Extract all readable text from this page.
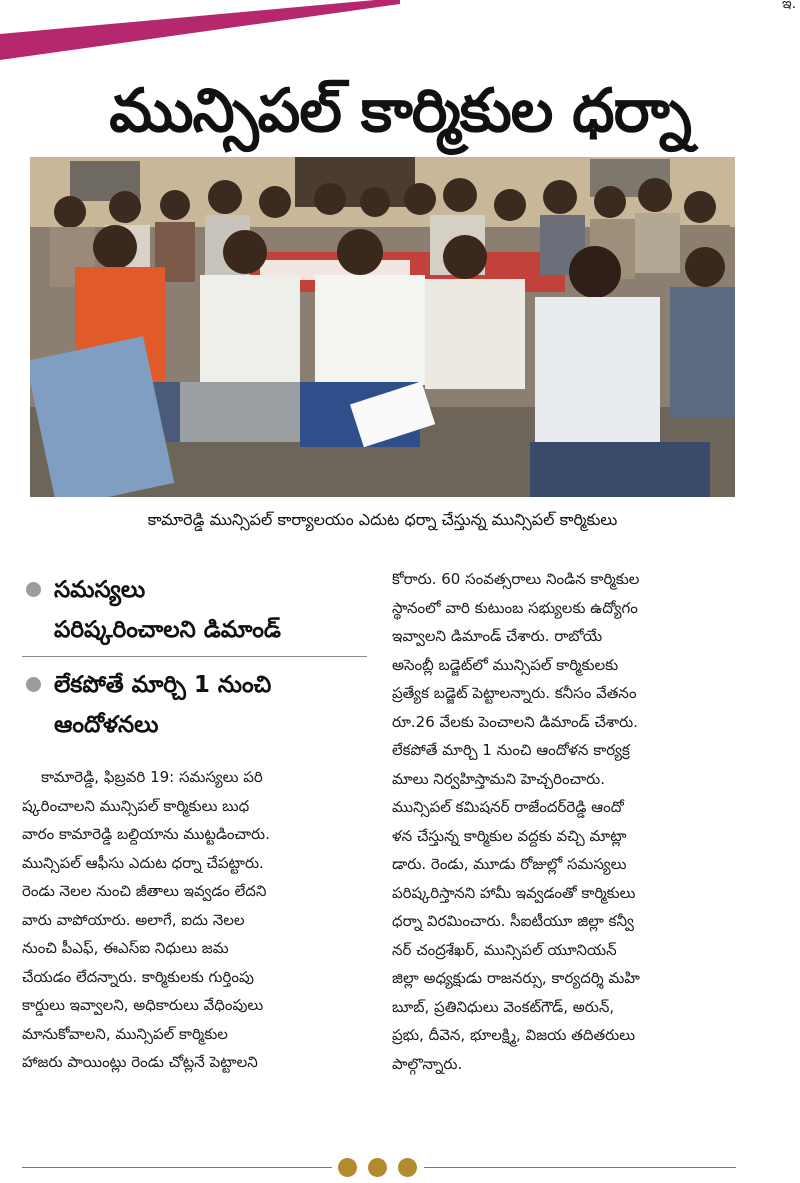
ఇ.
మున్సిపల్‌ కార్మికుల ధర్నా
కామారెడ్డి మున్సిపల్‌ కార్యాలయం ఎదుట ధర్నా చేస్తున్న మున్సిపల్‌ కార్మికులు
సమస్యలు
పరిష్కరించాలని డిమాండ్‌
లేకపోతే మార్చి 1 నుంచి
ఆందోళనలు
కామారెడ్డి, ఫిబ్రవరి 19: సమస్యలు పరి
ష్కరించాలని మున్సిపల్‌ కార్మికులు బుధ
వారం కామారెడ్డి బల్దియాను ముట్టడించారు.
మున్సిపల్‌ ఆఫీసు ఎదుట ధర్నా చేపట్టారు.
రెండు నెలల నుంచి జీతాలు ఇవ్వడం లేదని
వారు వాపోయారు. అలాగే, ఐదు నెలల
నుంచి పీఎఫ్‌, ఈఎస్‌ఐ నిధులు జమ
చేయడం లేదన్నారు. కార్మికులకు గుర్తింపు
కార్డులు ఇవ్వాలని, అధికారులు వేధింపులు
మానుకోవాలని, మున్సిపల్‌ కార్మికుల
హాజరు పాయింట్లు రెండు చోట్లనే పెట్టాలని
కోరారు. 60 సంవత్సరాలు నిండిన కార్మికుల
స్థానంలో వారి కుటుంబ సభ్యులకు ఉద్యోగం
ఇవ్వాలని డిమాండ్‌ చేశారు. రాబోయే
అసెంబ్లీ బడ్జెట్‌లో మున్సిపల్‌ కార్మికులకు
ప్రత్యేక బడ్జెట్‌ పెట్టాలన్నారు. కనీసం వేతనం
రూ.26 వేలకు పెంచాలని డిమాండ్‌ చేశారు.
లేకపోతే మార్చి 1 నుంచి ఆందోళన కార్యక్ర
మాలు నిర్వహిస్తామని హెచ్చరించారు.
మున్సిపల్‌ కమిషనర్‌ రాజేందర్‌రెడ్డి ఆందో
ళన చేస్తున్న కార్మికుల వద్దకు వచ్చి మాట్లా
డారు. రెండు, మూడు రోజుల్లో సమస్యలు
పరిష్కరిస్తానని హామీ ఇవ్వడంతో కార్మికులు
ధర్నా విరమించారు. సీఐటీయూ జిల్లా కన్వీ
నర్‌ చంద్రశేఖర్‌, మున్సిపల్‌ యూనియన్‌
జిల్లా అధ్యక్షుడు రాజనర్సు, కార్యదర్శి మహి
బూబ్‌, ప్రతినిధులు వెంకట్‌గౌడ్‌, అరున్‌,
ప్రభు, దీవెన, భూలక్ష్మి, విజయ తదితరులు
పాల్గొన్నారు.
